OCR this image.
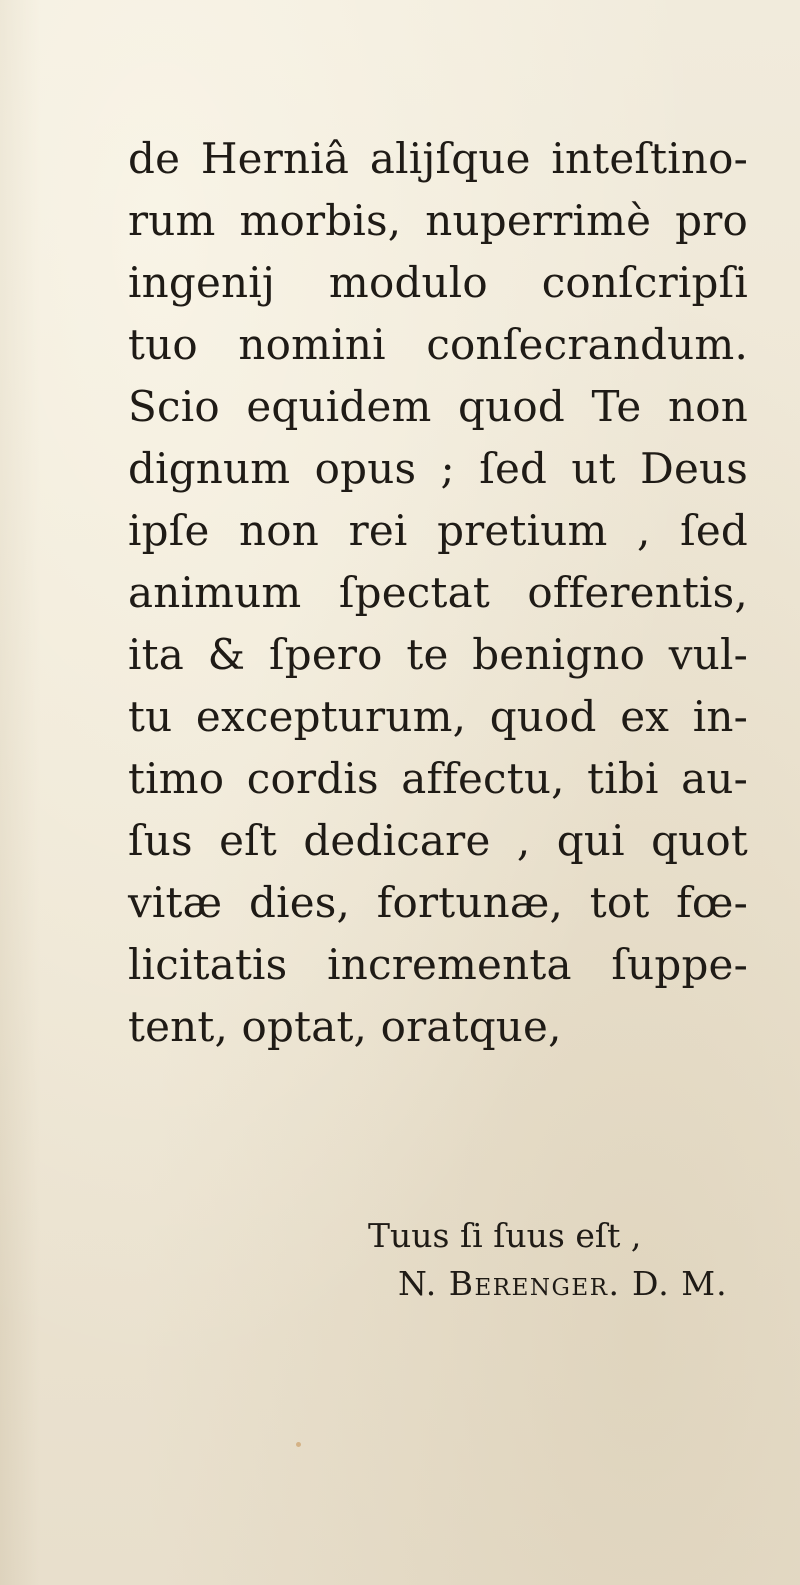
de Herniâ alijſque inteſtino-
rum morbis, nuperrimè pro
ingenij modulo conſcripſi
tuo nomini conſecrandum.
Scio equidem quod Te non
dignum opus ; ſed ut Deus
ipſe non rei pretium , ſed
animum ſpectat offerentis,
ita & ſpero te benigno vul-
tu excepturum, quod ex in-
timo cordis affectu, tibi au-
ſus eſt dedicare , qui quot
vitæ dies, fortunæ, tot fœ-
licitatis incrementa ſuppe-
tent, optat, oratque,
Tuus ſi ſuus eſt ,
N. Berenger. D. M.
